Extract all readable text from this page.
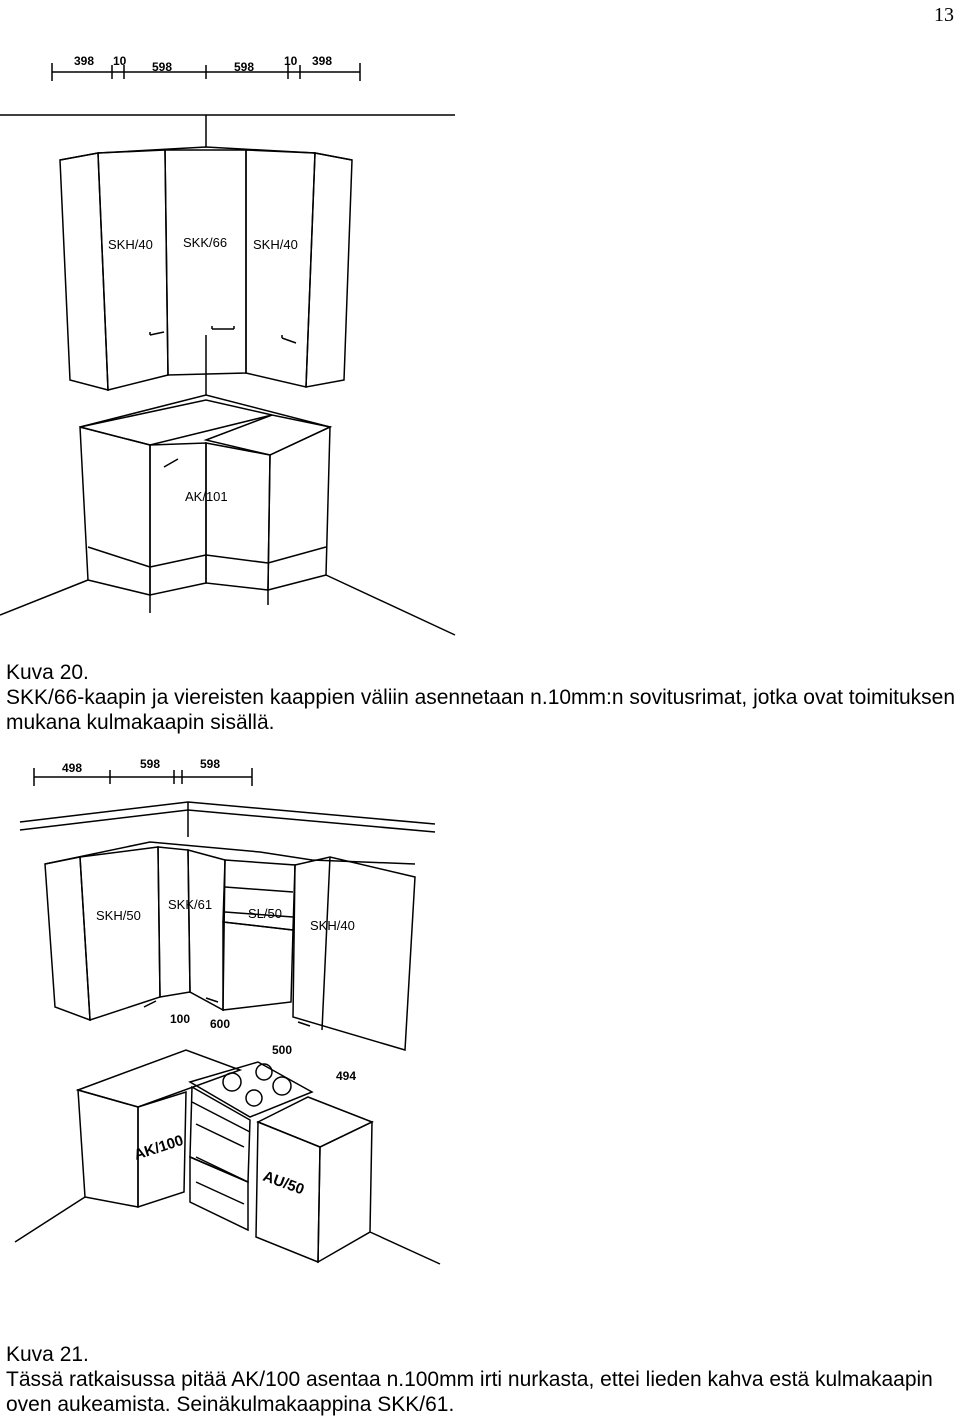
13
398 10 598	598 10 398
SKH/40 SKK/66 SKH/40
AK/101

Kuva 20.

SKK/66-kaapin ja viereisten kaappien väliin asennetaan n.10mm:n sovitusrimat, jotka ovat toimituksen mukana kulmakaapin sisällä.

498	598	598
SKH/50
SKK/61
SL/50
SKH/40
100 600
500
494
AK/100
AU/50

Kuva 21.

Tässä ratkaisussa pitää AK/100 asentaa n.100mm irti nurkasta, ettei lieden kahva estä kulmakaapin oven aukeamista. Seinäkulmakaappina SKK/61.
